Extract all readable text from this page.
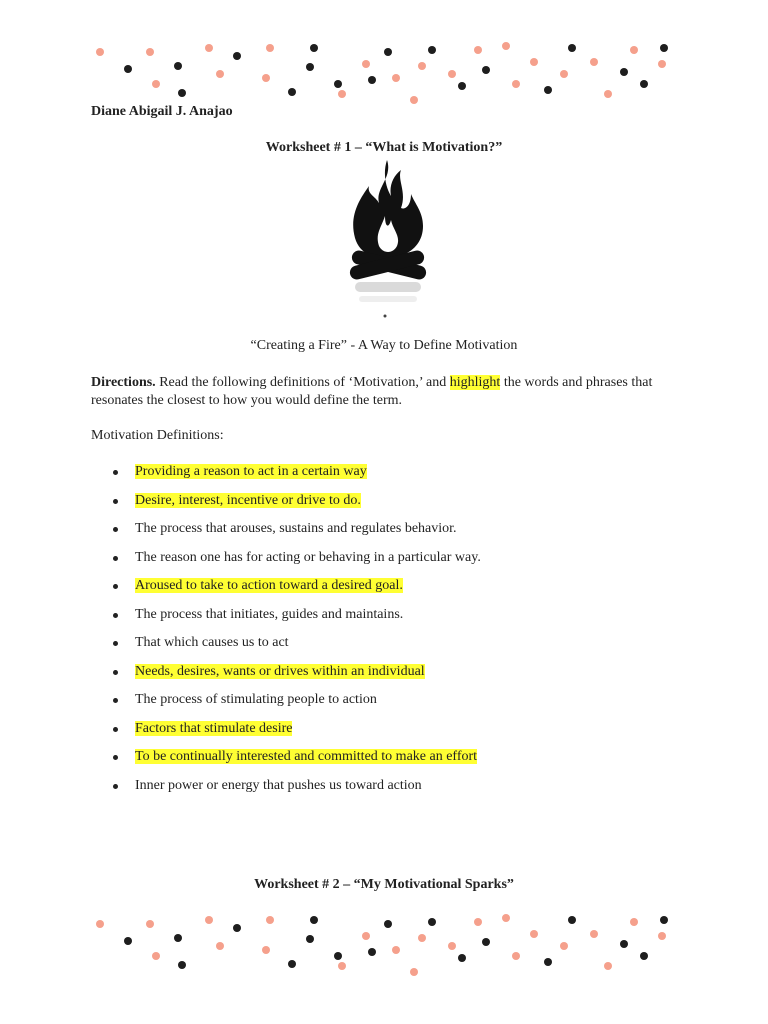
Diane Abigail J. Anajao
Worksheet # 1 – “What is Motivation?”
“Creating a Fire” - A Way to Define Motivation
Directions. Read the following definitions of ‘Motivation,’ and highlight the words and phrases that resonates the closest to how you would define the term.
Motivation Definitions:
Providing a reason to act in a certain way
Desire, interest, incentive or drive to do.
The process that arouses, sustains and regulates behavior.
The reason one has for acting or behaving in a particular way.
Aroused to take to action toward a desired goal.
The process that initiates, guides and maintains.
That which causes us to act
Needs, desires, wants or drives within an individual
The process of stimulating people to action
Factors that stimulate desire
To be continually interested and committed to make an effort
Inner power or energy that pushes us toward action
Worksheet # 2 – “My Motivational Sparks”
